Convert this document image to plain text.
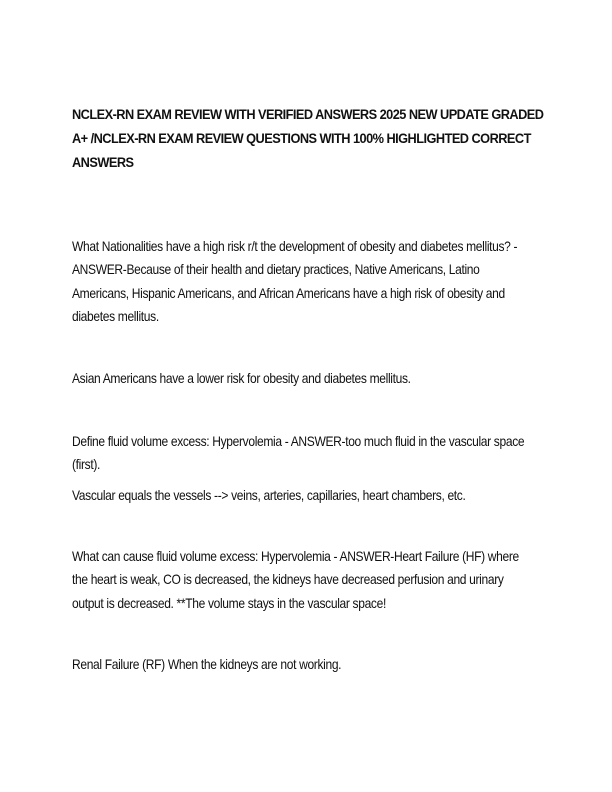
NCLEX-RN EXAM REVIEW WITH VERIFIED ANSWERS 2025 NEW UPDATE GRADED A+ /NCLEX-RN EXAM REVIEW QUESTIONS WITH 100% HIGHLIGHTED CORRECT ANSWERS
What Nationalities have a high risk r/t the development of obesity and diabetes mellitus? - ANSWER-Because of their health and dietary practices, Native Americans, Latino Americans, Hispanic Americans, and African Americans have a high risk of obesity and diabetes mellitus.
Asian Americans have a lower risk for obesity and diabetes mellitus.
Define fluid volume excess: Hypervolemia - ANSWER-too much fluid in the vascular space (first).
Vascular equals the vessels --> veins, arteries, capillaries, heart chambers, etc.
What can cause fluid volume excess: Hypervolemia - ANSWER-Heart Failure (HF) where the heart is weak, CO is decreased, the kidneys have decreased perfusion and urinary output is decreased. **The volume stays in the vascular space!
Renal Failure (RF) When the kidneys are not working.
